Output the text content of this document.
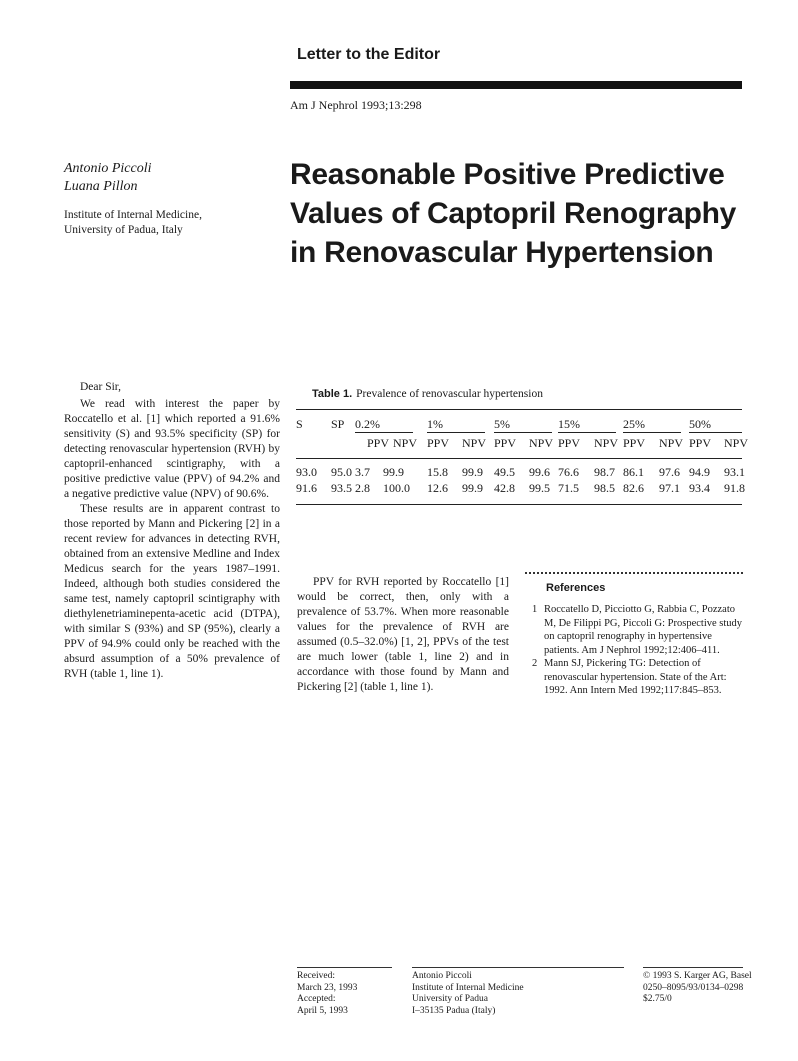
Letter to the Editor
Am J Nephrol 1993;13:298
Antonio Piccoli
Luana Pillon
Institute of Internal Medicine,
University of Padua, Italy
Reasonable Positive Predictive
Values of Captopril Renography
in Renovascular Hypertension

Dear Sir,

We read with interest the paper by Roccatello et al. [1] which reported a 91.6% sensitivity (S) and 93.5% specificity (SP) for detecting renovascular hypertension (RVH) by captopril-enhanced scintigraphy, with a positive predictive value (PPV) of 94.2% and a negative predictive value (NPV) of 90.6%.

These results are in apparent contrast to those reported by Mann and Pickering [2] in a recent review for advances in detecting RVH, obtained from an extensive Medline and Index Medicus search for the years 1987–1991. Indeed, although both studies considered the same test, namely captopril scintigraphy with diethylenetriaminepenta-acetic acid (DTPA), with similar S (93%) and SP (95%), clearly a PPV of 94.9% could only be reached with the absurd assumption of a 50% prevalence of RVH (table 1, line 1).

Table 1. Prevalence of renovascular hypertension
S SP 0.2%
PPV NPV
1%
PPV NPV
5%
PPV NPV
15%
PPV NPV
25%
PPV NPV
50%
PPV NPV
93.0 95.0 3.7 99.9 15.8 99.9 49.5 99.6 76.6 98.7 86.1 97.6 94.9 93.1
91.6 93.5 2.8 100.0 12.6 99.9 42.8 99.5 71.5 98.5 82.6 97.1 93.4 91.8

PPV for RVH reported by Roccatello [1] would be correct, then, only with a prevalence of 53.7%. When more reasonable values for the prevalence of RVH are assumed (0.5–32.0%) [1, 2], PPVs of the test are much lower (table 1, line 2) and in accordance with those found by Mann and Pickering [2] (table 1, line 1).

References
1 Roccatello D, Picciotto G, Rabbia C, Pozzato M, De Filippi PG, Piccoli G: Prospective study on captopril renography in hypertensive patients. Am J Nephrol 1992;12:406–411.
2 Mann SJ, Pickering TG: Detection of renovascular hypertension. State of the Art: 1992. Ann Intern Med 1992;117:845–853.
Received:
March 23, 1993
Accepted:
April 5, 1993
Antonio Piccoli
Institute of Internal Medicine
University of Padua
I–35135 Padua (Italy)
© 1993 S. Karger AG, Basel
0250–8095/93/0134–0298
$2.75/0
